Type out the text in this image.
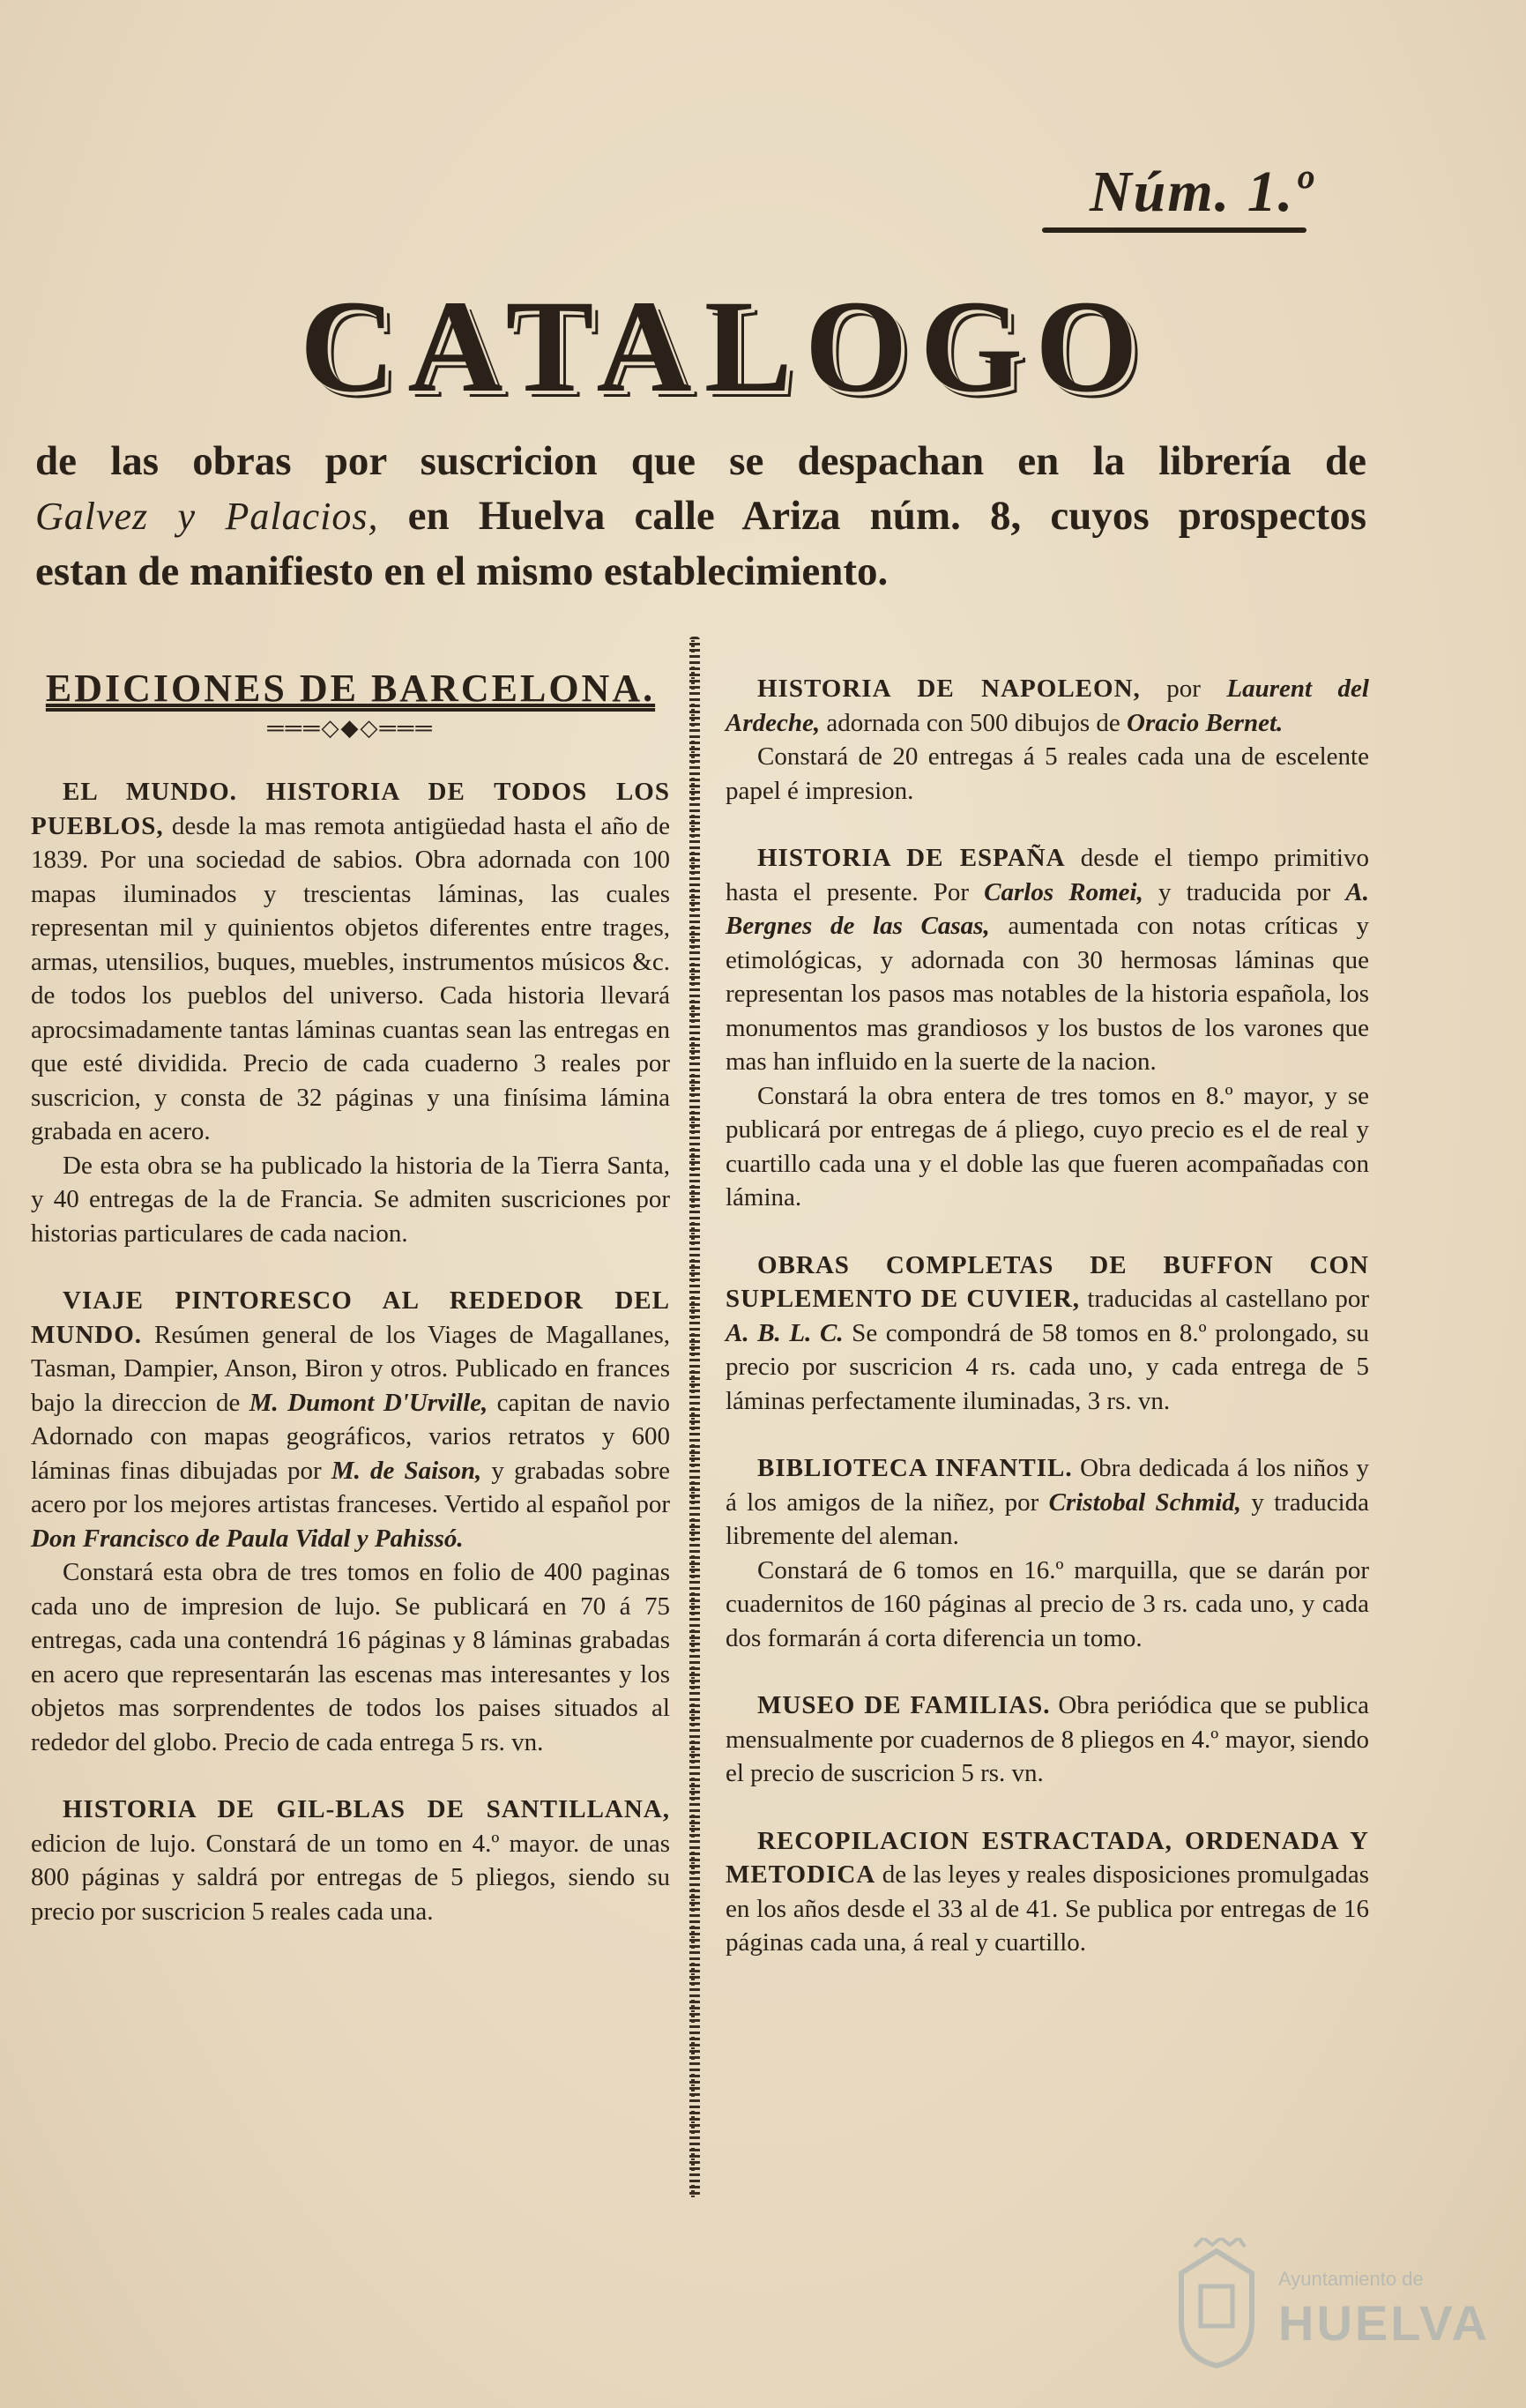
Núm. 1.º
CATALOGO
de las obras por suscricion que se despachan en la librería de
Galvez y Palacios, en Huelva calle Ariza núm. 8, cuyos prospectos
estan de manifiesto en el mismo establecimiento.
EDICIONES DE BARCELONA.
═══◇◆◇═══

EL MUNDO. HISTORIA DE TODOS LOS PUEBLOS, desde la mas remota antigüedad hasta el año de 1839. Por una sociedad de sabios. Obra adornada con 100 mapas iluminados y trescientas láminas, las cuales representan mil y quinientos objetos diferentes entre trages, armas, utensilios, buques, muebles, instrumentos músicos &c. de todos los pueblos del universo. Cada historia llevará aprocsimadamente tantas láminas cuantas sean las entregas en que esté dividida. Precio de cada cuaderno 3 reales por suscricion, y consta de 32 páginas y una finísima lámina grabada en acero.

De esta obra se ha publicado la historia de la Tierra Santa, y 40 entregas de la de Francia. Se admiten suscriciones por historias particulares de cada nacion.

VIAJE PINTORESCO AL REDEDOR DEL MUNDO. Resúmen general de los Viages de Magallanes, Tasman, Dampier, Anson, Biron y otros. Publicado en frances bajo la direccion de M. Dumont D'Urville, capitan de navio Adornado con mapas geográficos, varios retratos y 600 láminas finas dibujadas por M. de Saison, y grabadas sobre acero por los mejores artistas franceses. Vertido al español por Don Francisco de Paula Vidal y Pahissó.

Constará esta obra de tres tomos en folio de 400 paginas cada uno de impresion de lujo. Se publicará en 70 á 75 entregas, cada una contendrá 16 páginas y 8 láminas grabadas en acero que representarán las escenas mas interesantes y los objetos mas sorprendentes de todos los paises situados al rededor del globo. Precio de cada entrega 5 rs. vn.

HISTORIA DE GIL-BLAS DE SANTILLANA, edicion de lujo. Constará de un tomo en 4.º mayor. de unas 800 páginas y saldrá por entregas de 5 pliegos, siendo su precio por suscricion 5 reales cada una.

HISTORIA DE NAPOLEON, por Laurent del Ardeche, adornada con 500 dibujos de Oracio Bernet.

Constará de 20 entregas á 5 reales cada una de escelente papel é impresion.

HISTORIA DE ESPAÑA desde el tiempo primitivo hasta el presente. Por Carlos Romei, y traducida por A. Bergnes de las Casas, aumentada con notas críticas y etimológicas, y adornada con 30 hermosas láminas que representan los pasos mas notables de la historia española, los monumentos mas grandiosos y los bustos de los varones que mas han influido en la suerte de la nacion.

Constará la obra entera de tres tomos en 8.º mayor, y se publicará por entregas de á pliego, cuyo precio es el de real y cuartillo cada una y el doble las que fueren acompañadas con lámina.

OBRAS COMPLETAS DE BUFFON CON SUPLEMENTO DE CUVIER, traducidas al castellano por A. B. L. C. Se compondrá de 58 tomos en 8.º prolongado, su precio por suscricion 4 rs. cada uno, y cada entrega de 5 láminas perfectamente iluminadas, 3 rs. vn.

BIBLIOTECA INFANTIL. Obra dedicada á los niños y á los amigos de la niñez, por Cristobal Schmid, y traducida libremente del aleman.

Constará de 6 tomos en 16.º marquilla, que se darán por cuadernitos de 160 páginas al precio de 3 rs. cada uno, y cada dos formarán á corta diferencia un tomo.

MUSEO DE FAMILIAS. Obra periódica que se publica mensualmente por cuadernos de 8 pliegos en 4.º mayor, siendo el precio de suscricion 5 rs. vn.

RECOPILACION ESTRACTADA, ORDENADA Y METODICA de las leyes y reales disposiciones promulgadas en los años desde el 33 al de 41. Se publica por entregas de 16 páginas cada una, á real y cuartillo.

Ayuntamiento de
HUELVA
